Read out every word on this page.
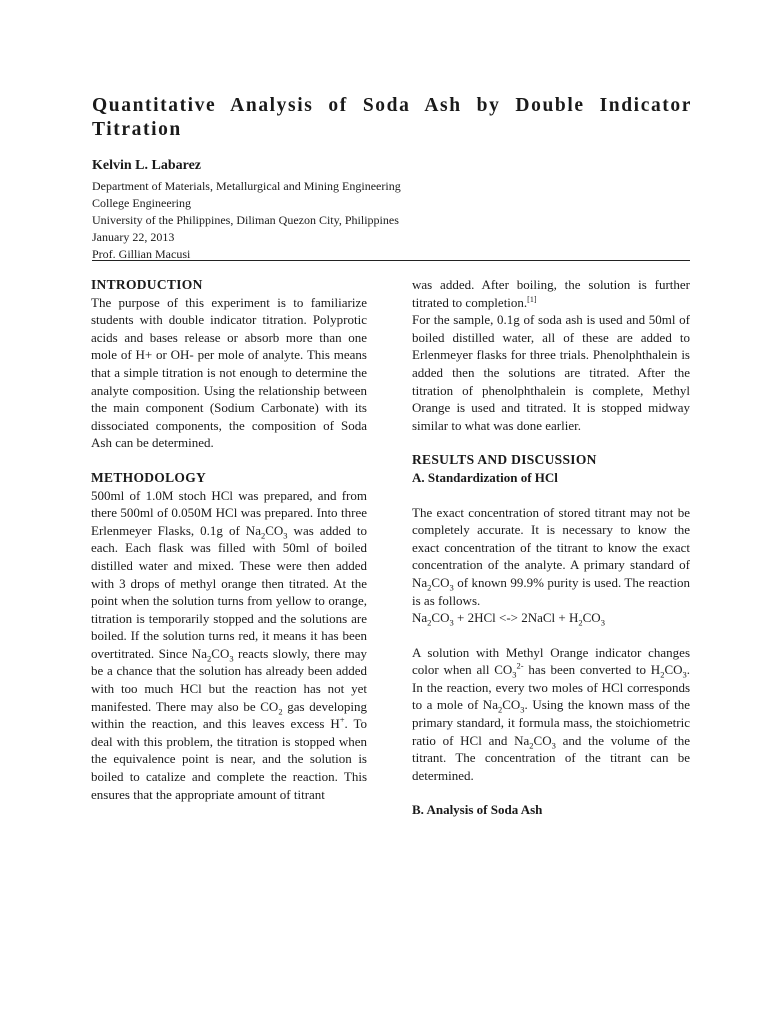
Quantitative Analysis of Soda Ash by Double Indicator Titration

Kelvin L. Labarez

Department of Materials, Metallurgical and Mining Engineering
College Engineering
University of the Philippines, Diliman Quezon City, Philippines
January 22, 2013
Prof. Gillian Macusi

INTRODUCTION

The purpose of this experiment is to familiarize students with double indicator titration. Polyprotic acids and bases release or absorb more than one mole of H+ or OH- per mole of analyte. This means that a simple titration is not enough to determine the analyte composition. Using the relationship between the main component (Sodium Carbonate) with its dissociated components, the composition of Soda Ash can be determined.

METHODOLOGY

500ml of 1.0M stoch HCl was prepared, and from there 500ml of 0.050M HCl was prepared. Into three Erlenmeyer Flasks, 0.1g of $Na_2CO_3$ was added to each. Each flask was filled with 50ml of boiled distilled water and mixed. These were then added with 3 drops of methyl orange then titrated. At the point when the solution turns from yellow to orange, titration is temporarily stopped and the solutions are boiled. If the solution turns red, it means it has been overtitrated. Since $Na_2CO_3$ reacts slowly, there may be a chance that the solution has already been added with too much HCl but the reaction has not yet manifested. There may also be $CO_2$ gas developing within the reaction, and this leaves excess H+. To deal with this problem, the titration is stopped when the equivalence point is near, and the solution is boiled to catalize and complete the reaction. This ensures that the appropriate amount of titrant

was added. After boiling, the solution is further titrated to completion.[1]

For the sample, 0.1g of soda ash is used and 50ml of boiled distilled water, all of these are added to Erlenmeyer flasks for three trials. Phenolphthalein is added then the solutions are titrated. After the titration of phenolphthalein is complete, Methyl Orange is used and titrated. It is stopped midway similar to what was done earlier.

RESULTS AND DISCUSSION

A. Standardization of HCl

The exact concentration of stored titrant may not be completely accurate. It is necessary to know the exact concentration of the titrant to know the exact concentration of the analyte. A primary standard of $Na_2CO_3$ of known 99.9% purity is used. The reaction is as follows.

$Na_2CO_3 + 2HCl$ <-> 2NaCl + $H_2CO_3$

A solution with Methyl Orange indicator changes color when all $CO_3^{2-}$ has been converted to $H_2CO_3$. In the reaction, every two moles of HCl corresponds to a mole of $Na_2CO_3$. Using the known mass of the primary standard, it formula mass, the stoichiometric ratio of HCl and $Na_2CO_3$ and the volume of the titrant. The concentration of the titrant can be determined.

B. Analysis of Soda Ash
